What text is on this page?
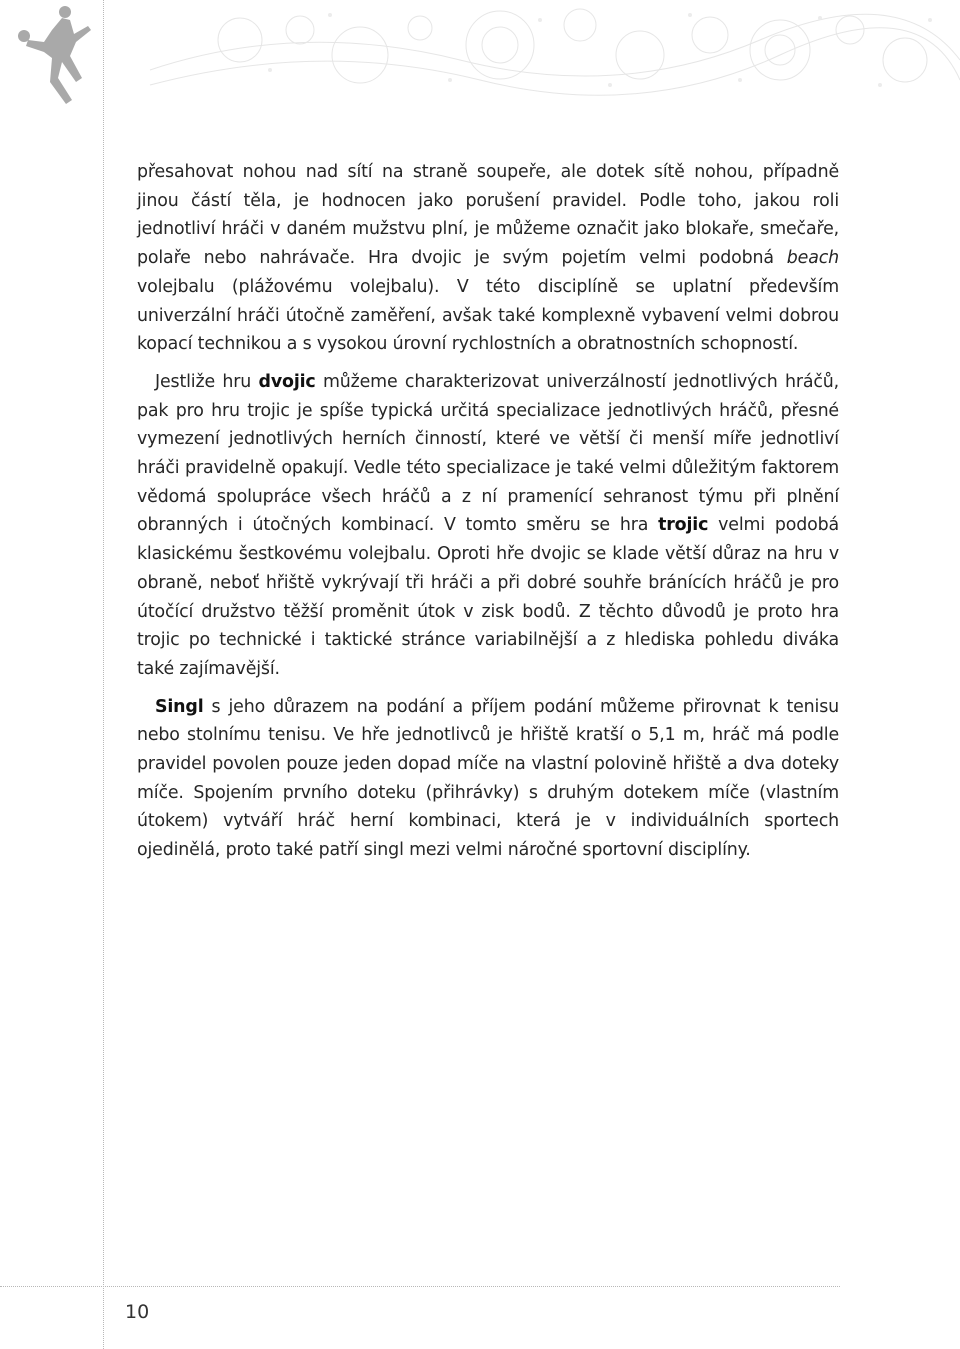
přesahovat nohou nad sítí na straně soupeře, ale dotek sítě nohou, případně jinou částí těla, je hodnocen jako porušení pravidel. Podle toho, jakou roli jednotliví hráči v daném mužstvu plní, je můžeme označit jako blokaře, smečaře, polaře nebo nahrávače. Hra dvojic je svým pojetím velmi podobná beach volejbalu (plážovému volejbalu). V této disciplíně se uplatní především univerzální hráči útočně zaměření, avšak také komplexně vybavení velmi dobrou kopací technikou a s vysokou úrovní rychlostních a obratnostních schopností.

Jestliže hru dvojic můžeme charakterizovat univerzálností jednotlivých hráčů, pak pro hru trojic je spíše typická určitá specializace jednotlivých hráčů, přesné vymezení jednotlivých herních činností, které ve větší či menší míře jednotliví hráči pravidelně opakují. Vedle této specializace je také velmi důležitým faktorem vědomá spolupráce všech hráčů a z ní pramenící sehranost týmu při plnění obranných i útočných kombinací. V tomto směru se hra trojic velmi podobá klasickému šestkovému volejbalu. Oproti hře dvojic se klade větší důraz na hru v obraně, neboť hřiště vykrývají tři hráči a při dobré souhře bránících hráčů je pro útočící družstvo těžší proměnit útok v zisk bodů. Z těchto důvodů je proto hra trojic po technické i taktické stránce variabilnější a z hlediska pohledu diváka také zajímavější.

Singl s jeho důrazem na podání a příjem podání můžeme přirovnat k tenisu nebo stolnímu tenisu. Ve hře jednotlivců je hřiště kratší o 5,1 m, hráč má podle pravidel povolen pouze jeden dopad míče na vlastní polovině hřiště a dva doteky míče. Spojením prvního doteku (přihrávky) s druhým dotekem míče (vlastním útokem) vytváří hráč herní kombinaci, která je v individuálních sportech ojedinělá, proto také patří singl mezi velmi náročné sportovní disciplíny.

10
